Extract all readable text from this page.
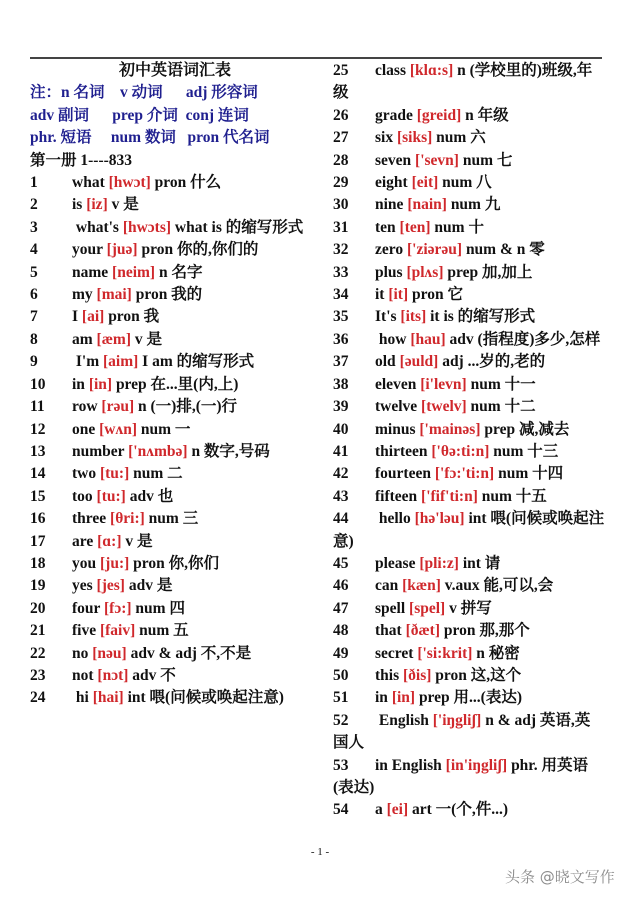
初中英语词汇表
注：n 名词    v 动词      adj 形容词
adv 副词      prep 介词  conj 连词
phr. 短语     num 数词   pron 代名词
第一册 1----833
1 what [hwɔt] pron 什么
2 is [iz] v 是
3 what's [hwɔts] what is 的缩写形式
4 your [juə] pron 你的,你们的
5 name [neim] n 名字
6 my [mai] pron 我的
7 I [ai] pron 我
8 am [æm] v 是
9 I'm [aim] I am 的缩写形式
10 in [in] prep 在...里(内,上)
11 row [rəu] n (一)排,(一)行
12 one [wʌn] num 一
13 number ['nʌmbə] n 数字,号码
14 two [tu:] num 二
15 too [tu:] adv 也
16 three [θri:] num 三
17 are [ɑ:] v 是
18 you [ju:] pron 你,你们
19 yes [jes] adv 是
20 four [fɔ:] num 四
21 five [faiv] num 五
22 no [nəu] adv & adj 不,不是
23 not [nɔt] adv 不
24 hi [hai] int 喂(问候或唤起注意)
25 class [klɑ:s] n (学校里的)班级,年级
26 grade [greid] n 年级
27 six [siks] num 六
28 seven ['sevn] num 七
29 eight [eit] num 八
30 nine [nain] num 九
31 ten [ten] num 十
32 zero ['ziərəu] num & n 零
33 plus [plʌs] prep 加,加上
34 it [it] pron 它
35 It's [its] it is 的缩写形式
36 how [hau] adv (指程度)多少,怎样
37 old [əuld] adj ...岁的,老的
38 eleven [i'levn] num 十一
39 twelve [twelv] num 十二
40 minus ['mainəs] prep 减,减去
41 thirteen ['θə:ti:n] num 十三
42 fourteen ['fɔ:'ti:n] num 十四
43 fifteen ['fif'ti:n] num 十五
44 hello [hə'ləu] int 喂(问候或唤起注意)
45 please [pli:z] int 请
46 can [kæn] v.aux 能,可以,会
47 spell [spel] v 拼写
48 that [ðæt] pron 那,那个
49 secret ['si:krit] n 秘密
50 this [ðis] pron 这,这个
51 in [in] prep 用...(表达)
52 English ['iŋgliʃ] n & adj 英语,英国人
53 in English [in'iŋgliʃ] phr. 用英语(表达)
54 a [ei] art 一(个,件...)
- 1 -
头条 @晓文写作
